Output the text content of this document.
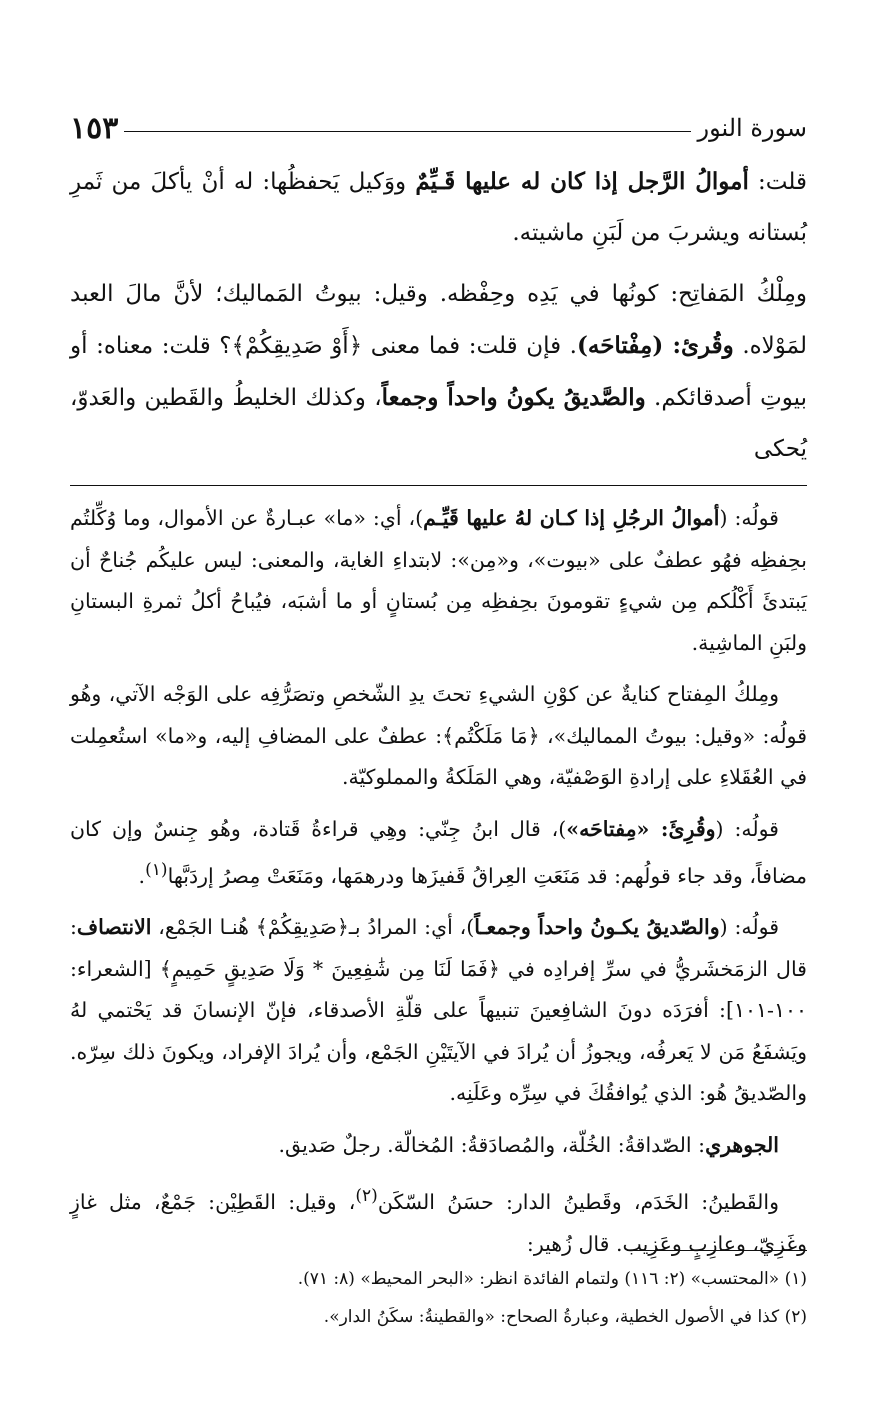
سورة النور
١٥٣

قلت: أموالُ الرَّجل إذا كان له عليها قَـيِّمٌ ووَكيل يَحفظُها: له أنْ يأكلَ من ثَمرِ بُستانه ويشربَ من لَبَنِ ماشيته.

ومِلْكُ المَفاتِح: كونُها في يَدِه وحِفْظه. وقيل: بيوتُ المَماليك؛ لأنَّ مالَ العبد لمَوْلاه. وقُرئ: (مِفْتاحَه). فإن قلت: فما معنى ﴿أَوْ صَدِيقِكُمْ﴾؟ قلت: معناه: أو بيوتِ أصدقائكم. والصَّديقُ يكونُ واحداً وجمعاً، وكذلك الخليطُ والقَطين والعَدوّ، يُحكى

قولُه: (أموالُ الرجُلِ إذا كـان لهُ عليها قَيِّـم)، أي: «ما» عبـارةٌ عن الأموال، وما وُكِّلتُم بحِفظِه فهُو عطفٌ على «بيوت»، و«مِن»: لابتداءِ الغاية، والمعنى: ليس عليكُم جُناحٌ أن يَبتدئَ أَكْلُكم مِن شيءٍ تقومونَ بحِفظِه مِن بُستانٍ أو ما أشبَه، فيُباحُ أكلُ ثمرةِ البستانِ ولبَنِ الماشِية.

ومِلكُ المِفتاح كنايةٌ عن كوْنِ الشيءِ تحتَ يدِ الشّخصِ وتصَرُّفِه على الوَجْه الآتي، وهُو قولُه: «وقيل: بيوتُ المماليك»، ﴿مَا مَلَكْتُم﴾: عطفٌ على المضافِ إليه، و«ما» استُعمِلت في العُقَلاءِ على إرادةِ الوَصْفيّة، وهي المَلَكةُ والمملوكيّة.

قولُه: (وقُرِئَ: «مِفتاحَه»)، قال ابنُ جِنّي: وهِي قراءةُ قَتادة، وهُو جِنسٌ وإن كان مضافاً، وقد جاء قولُهم: قد مَنَعَتِ العِراقُ قَفيزَها ودرهمَها، ومَنَعَتْ مِصرُ إردَبَّها$^{(١)}$.

قولُه: (والصّديقُ يكـونُ واحداً وجمعـاً)، أي: المرادُ بـ﴿صَدِيقِكُمْ﴾ هُنـا الجَمْع، الانتصاف: قال الزمَخشَريُّ في سرِّ إفرادِه في ﴿فَمَا لَنَا مِن شَٰفِعِينَ * وَلَا صَدِيقٍ حَمِيمٍ﴾ [الشعراء: ١٠٠-١٠١]: أفرَدَه دونَ الشافِعينَ تنبيهاً على قلّةِ الأصدقاء، فإنّ الإنسانَ قد يَحْتمي لهُ ويَشفَعُ مَن لا يَعرفُه، ويجوزُ أن يُرادَ في الآيتَيْنِ الجَمْع، وأن يُرادَ الإفراد، ويكونَ ذلك سِرّه. والصّديقُ هُو: الذي يُوافقُكَ في سِرِّه وعَلَنِه.

الجوهري: الصّداقةُ: الخُلّة، والمُصادَقةُ: المُخالّة. رجلٌ صَديق.

والقَطينُ: الخَدَم، وقَطينُ الدار: حسَنُ السّكَن$^{(٢)}$، وقيل: القَطِيْن: جَمْعٌ، مثل غازٍ وغَزِيّ، وعازِبٍ وعَزِيب. قال زُهير:

(١) «المحتسب» (٢: ١١٦) ولتمام الفائدة انظر: «البحر المحيط» (٨: ٧١).

(٢) كذا في الأصول الخطية، وعبارةُ الصحاح: «والقطينةُ: سكَنُ الدار».
